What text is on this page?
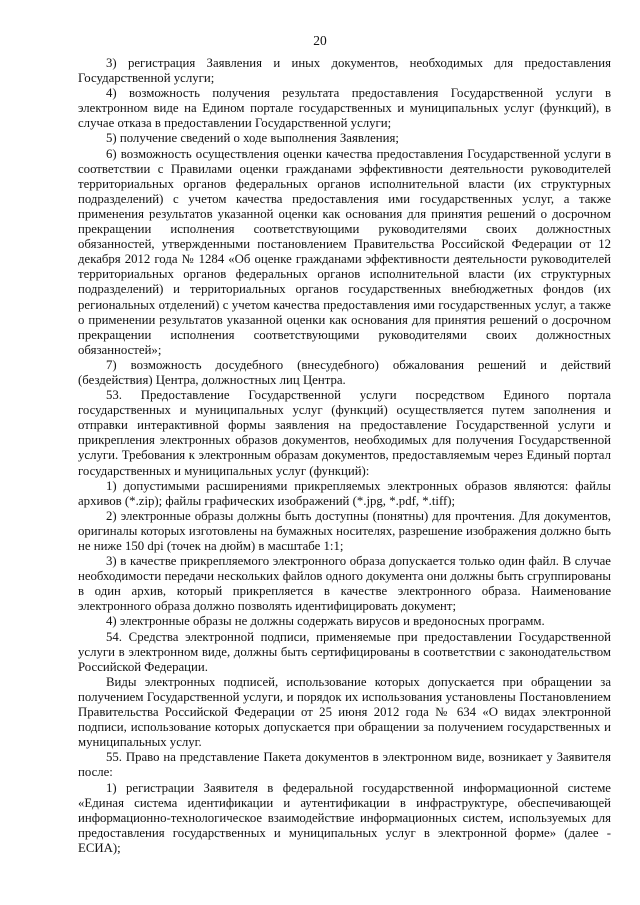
20

3) регистрация Заявления и иных документов, необходимых для предоставления Государственной услуги;

4) возможность получения результата предоставления Государственной услуги в электронном виде на Едином портале государственных и муниципальных услуг (функций), в случае отказа в предоставлении Государственной услуги;

5) получение сведений о ходе выполнения Заявления;

6) возможность осуществления оценки качества предоставления Государственной услуги в соответствии с Правилами оценки гражданами эффективности деятельности руководителей территориальных органов федеральных органов исполнительной власти (их структурных подразделений) с учетом качества предоставления ими государственных услуг, а также применения результатов указанной оценки как основания для принятия решений о досрочном прекращении исполнения соответствующими руководителями своих должностных обязанностей, утвержденными постановлением Правительства Российской Федерации от 12 декабря 2012 года № 1284 «Об оценке гражданами эффективности деятельности руководителей территориальных органов федеральных органов исполнительной власти (их структурных подразделений) и территориальных органов государственных внебюджетных фондов (их региональных отделений) с учетом качества предоставления ими государственных услуг, а также о применении результатов указанной оценки как основания для принятия решений о досрочном прекращении исполнения соответствующими руководителями своих должностных обязанностей»;

7) возможность досудебного (внесудебного) обжалования решений и действий (бездействия) Центра, должностных лиц Центра.

53. Предоставление Государственной услуги посредством Единого портала государственных и муниципальных услуг (функций) осуществляется путем заполнения и отправки интерактивной формы заявления на предоставление Государственной услуги и прикрепления электронных образов документов, необходимых для получения Государственной услуги. Требования к электронным образам документов, предоставляемым через Единый портал государственных и муниципальных услуг (функций):

1) допустимыми расширениями прикрепляемых электронных образов являются: файлы архивов (*.zip); файлы графических изображений (*.jpg, *.pdf, *.tiff);

2) электронные образы должны быть доступны (понятны) для прочтения. Для документов, оригиналы которых изготовлены на бумажных носителях, разрешение изображения должно быть не ниже 150 dpi (точек на дюйм) в масштабе 1:1;

3) в качестве прикрепляемого электронного образа допускается только один файл. В случае необходимости передачи нескольких файлов одного документа они должны быть сгруппированы в один архив, который прикрепляется в качестве электронного образа. Наименование электронного образа должно позволять идентифицировать документ;

4) электронные образы не должны содержать вирусов и вредоносных программ.

54. Средства электронной подписи, применяемые при предоставлении Государственной услуги в электронном виде, должны быть сертифицированы в соответствии с законодательством Российской Федерации.

Виды электронных подписей, использование которых допускается при обращении за получением Государственной услуги, и порядок их использования установлены Постановлением Правительства Российской Федерации от 25 июня 2012 года № 634 «О видах электронной подписи, использование которых допускается при обращении за получением государственных и муниципальных услуг.

55. Право на представление Пакета документов в электронном виде, возникает у Заявителя после:

1) регистрации Заявителя в федеральной государственной информационной системе «Единая система идентификации и аутентификации в инфраструктуре, обеспечивающей информационно-технологическое взаимодействие информационных систем, используемых для предоставления государственных и муниципальных услуг в электронной форме» (далее - ЕСИА);
